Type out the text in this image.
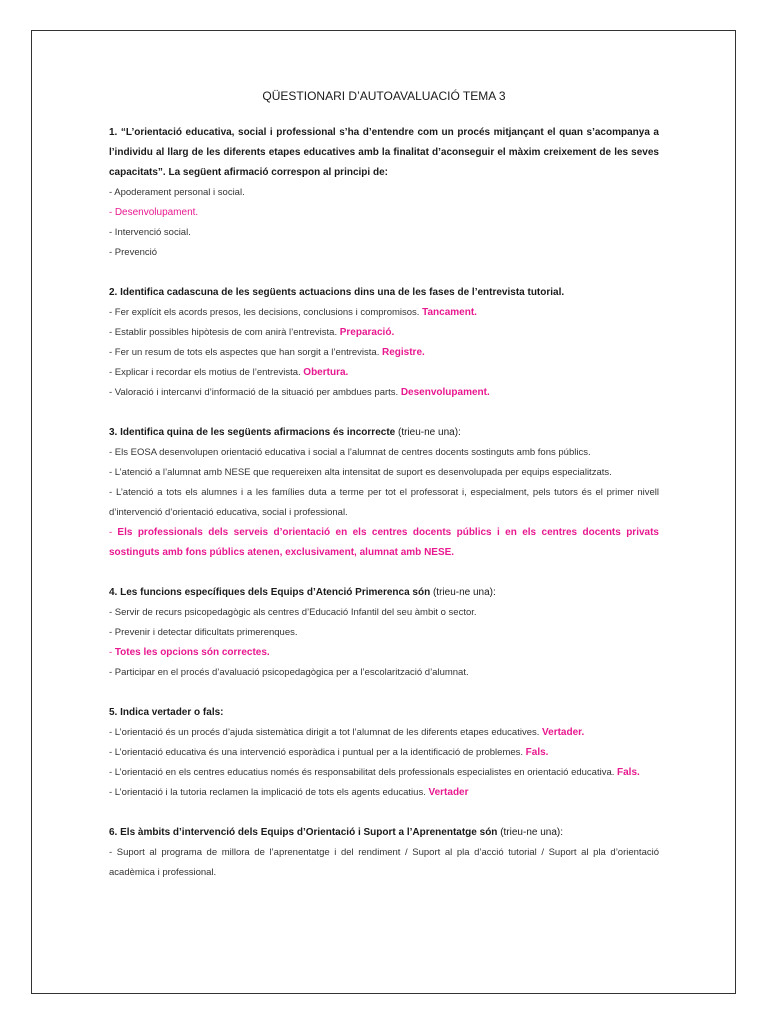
QÜESTIONARI D’AUTOAVALUACIÓ TEMA 3
1. “L’orientació educativa, social i professional s’ha d’entendre com un procés mitjançant el quan s’acompanya a l’individu al llarg de les diferents etapes educatives amb la finalitat d’aconseguir el màxim creixement de les seves capacitats”. La següent afirmació correspon al principi de:
- Apoderament personal i social.
- Desenvolupament.
- Intervenció social.
- Prevenció
2. Identifica cadascuna de les següents actuacions dins una de les fases de l’entrevista tutorial.
- Fer explícit els acords presos, les decisions, conclusions i compromisos. Tancament.
- Establir possibles hipòtesis de com anirà l’entrevista. Preparació.
- Fer un resum de tots els aspectes que han sorgit a l’entrevista. Registre.
- Explicar i recordar els motius de l’entrevista. Obertura.
- Valoració i intercanvi d’informació de la situació per ambdues parts. Desenvolupament.
3. Identifica quina de les següents afirmacions és incorrecte (trieu-ne una):
- Els EOSA desenvolupen orientació educativa i social a l’alumnat de centres docents sostinguts amb fons públics.
- L’atenció a l’alumnat amb NESE que requereixen alta intensitat de suport es desenvolupada per equips especialitzats.
- L’atenció a tots els alumnes i a les famílies duta a terme per tot el professorat i, especialment, pels tutors és el primer nivell d’intervenció d’orientació educativa, social i professional.
- Els professionals dels serveis d’orientació en els centres docents públics i en els centres docents privats sostinguts amb fons públics atenen, exclusivament, alumnat amb NESE.
4. Les funcions específiques dels Equips d’Atenció Primerenca són (trieu-ne una):
- Servir de recurs psicopedagògic als centres d’Educació Infantil del seu àmbit o sector.
- Prevenir i detectar dificultats primerenques.
- Totes les opcions són correctes.
- Participar en el procés d’avaluació psicopedagògica per a l’escolarització d’alumnat.
5. Indica vertader o fals:
- L’orientació és un procés d’ajuda sistemàtica dirigit a tot l’alumnat de les diferents etapes educatives. Vertader.
- L’orientació educativa és una intervenció esporàdica i puntual per a la identificació de problemes. Fals.
- L’orientació en els centres educatius només és responsabilitat dels professionals especialistes en orientació educativa. Fals.
- L’orientació i la tutoria reclamen la implicació de tots els agents educatius. Vertader
6. Els àmbits d’intervenció dels Equips d’Orientació i Suport a l’Aprenentatge són (trieu-ne una):
- Suport al programa de millora de l’aprenentatge i del rendiment / Suport al pla d’acció tutorial / Suport al pla d’orientació acadèmica i professional.
